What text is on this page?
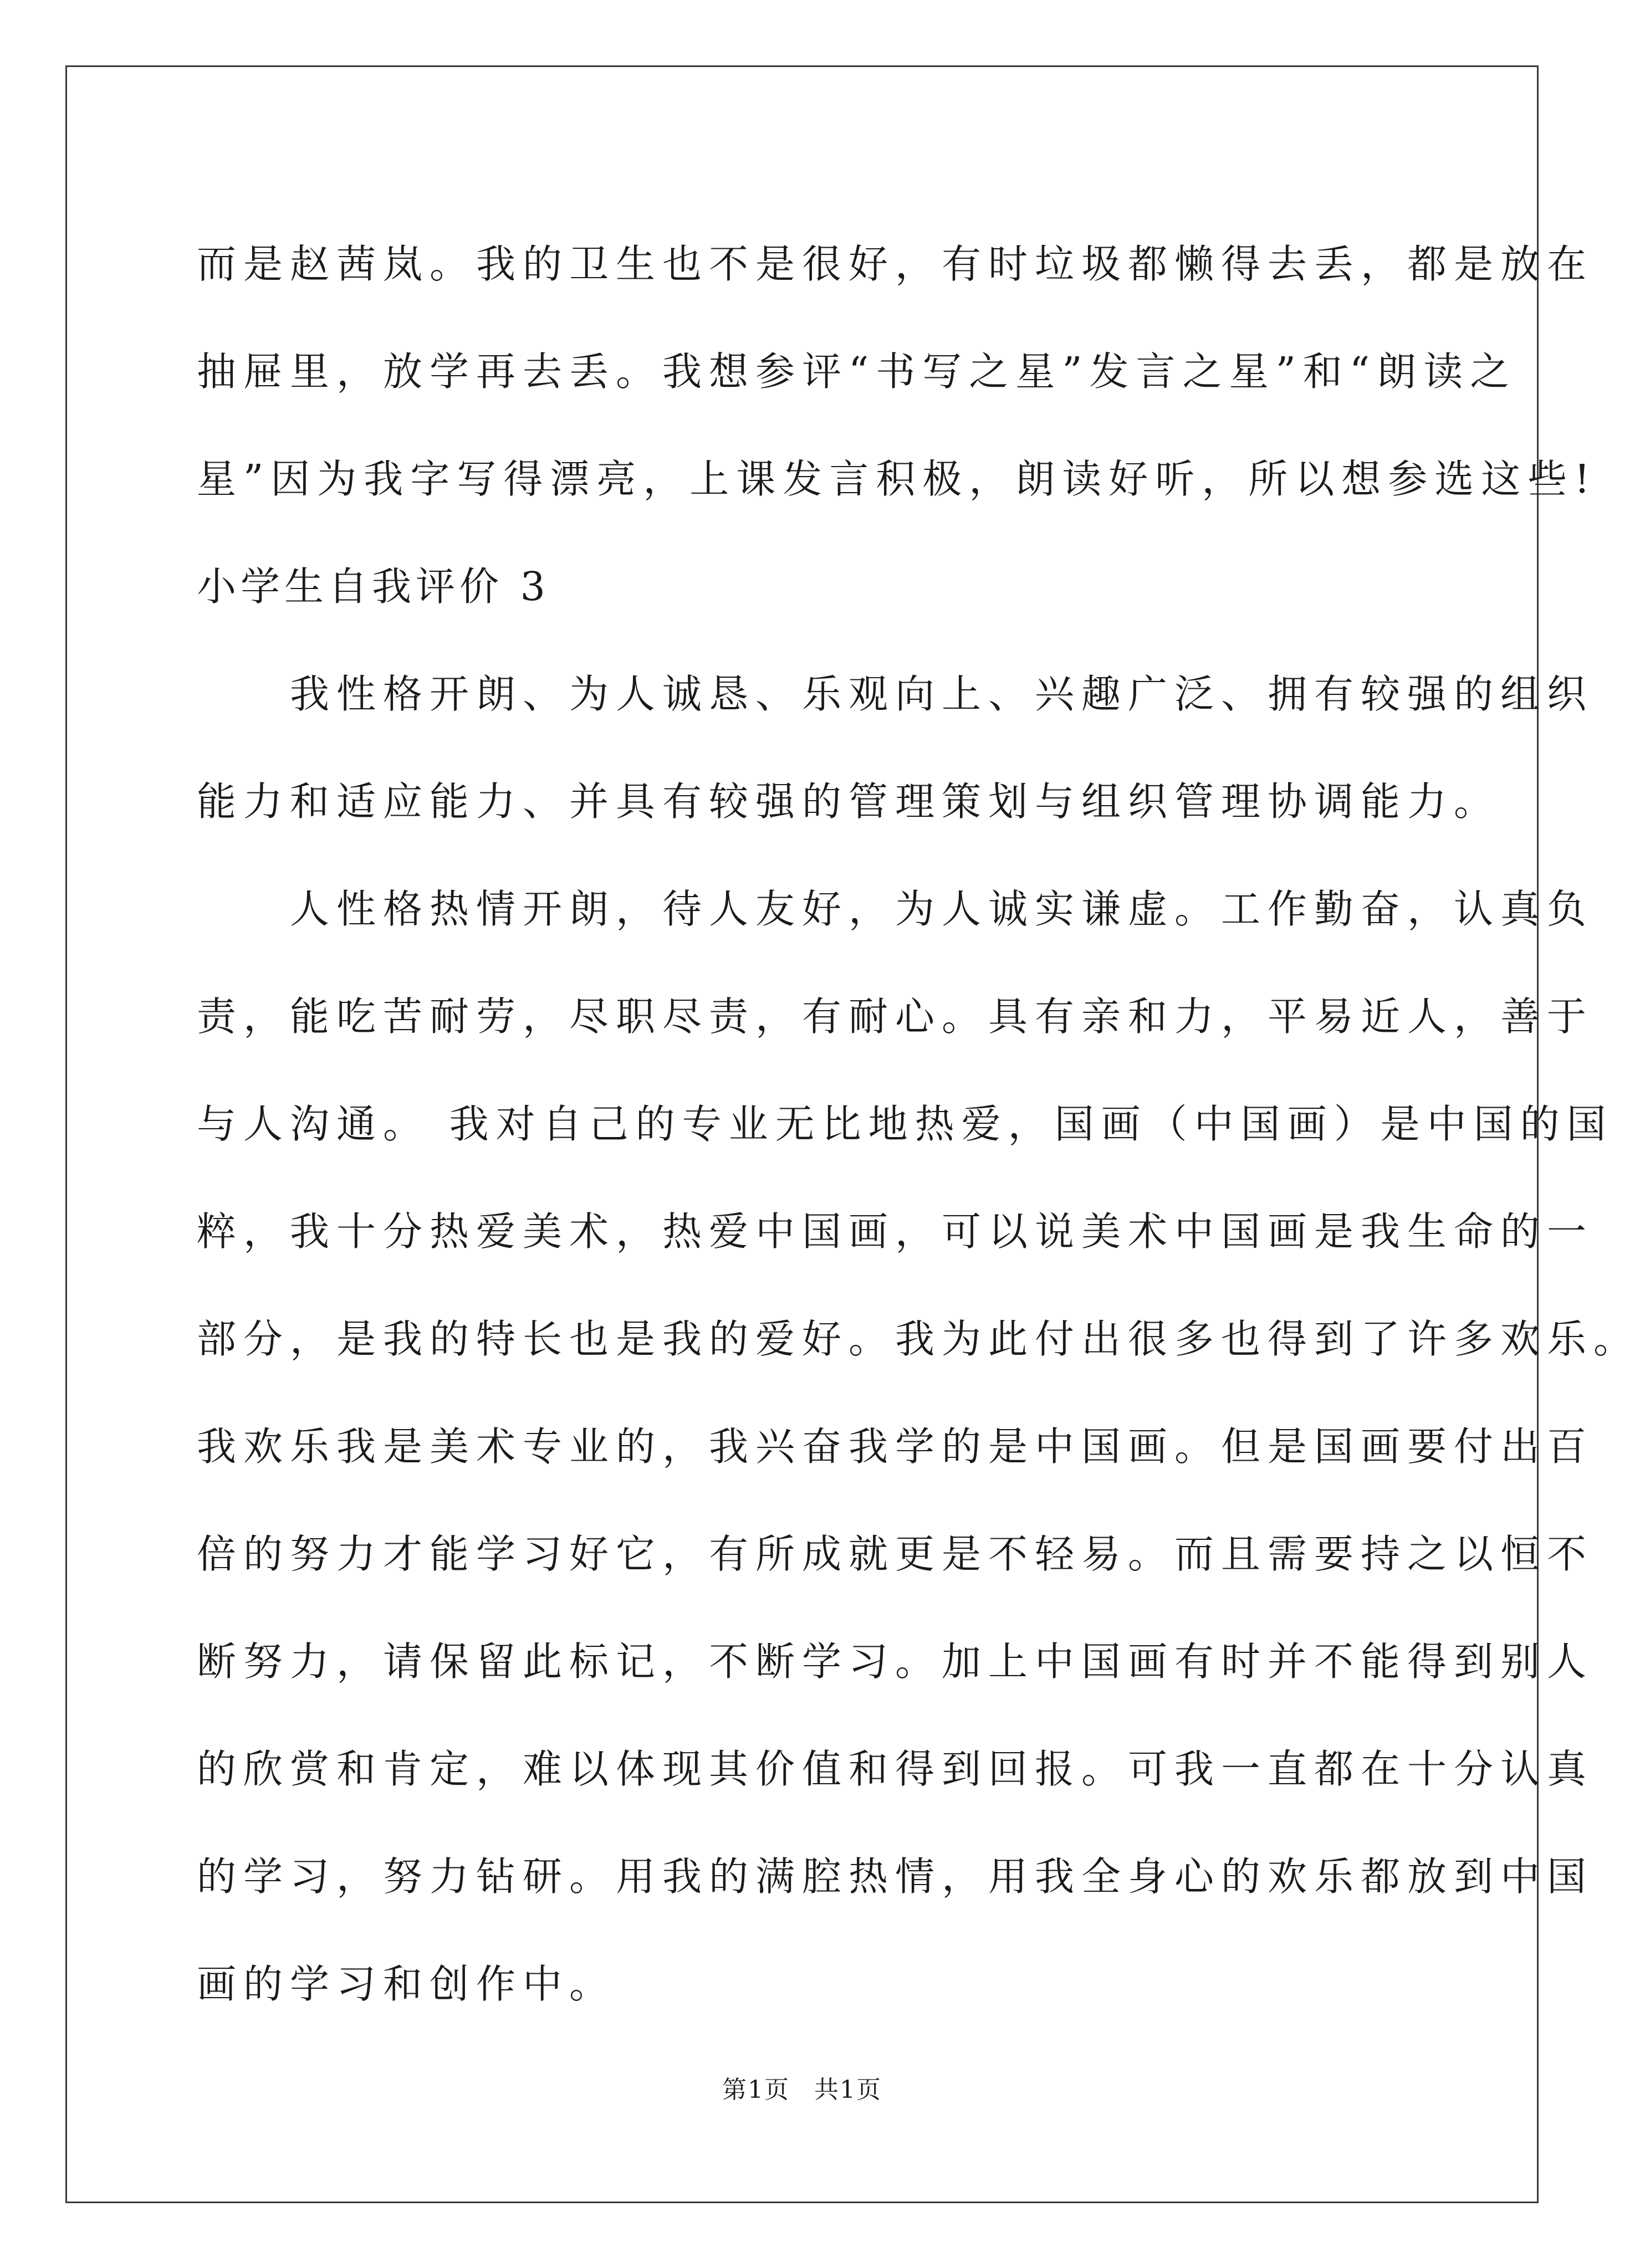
而是赵茜岚。我的卫生也不是很好，有时垃圾都懒得去丢，都是放在
抽屉里，放学再去丢。我想参评“书写之星”发言之星”和“朗读之
星”因为我字写得漂亮，上课发言积极，朗读好听，所以想参选这些!
小学生自我评价 3
我性格开朗、为人诚恳、乐观向上、兴趣广泛、拥有较强的组织
能力和适应能力、并具有较强的管理策划与组织管理协调能力。
人性格热情开朗，待人友好，为人诚实谦虚。工作勤奋，认真负
责，能吃苦耐劳，尽职尽责，有耐心。具有亲和力，平易近人，善于
与人沟通。 我对自己的专业无比地热爱，国画（中国画）是中国的国
粹，我十分热爱美术，热爱中国画，可以说美术中国画是我生命的一
部分，是我的特长也是我的爱好。我为此付出很多也得到了许多欢乐。
我欢乐我是美术专业的，我兴奋我学的是中国画。但是国画要付出百
倍的努力才能学习好它，有所成就更是不轻易。而且需要持之以恒不
断努力，请保留此标记，不断学习。加上中国画有时并不能得到别人
的欣赏和肯定，难以体现其价值和得到回报。可我一直都在十分认真
的学习，努力钻研。用我的满腔热情，用我全身心的欢乐都放到中国
画的学习和创作中。
第1页 共1页
